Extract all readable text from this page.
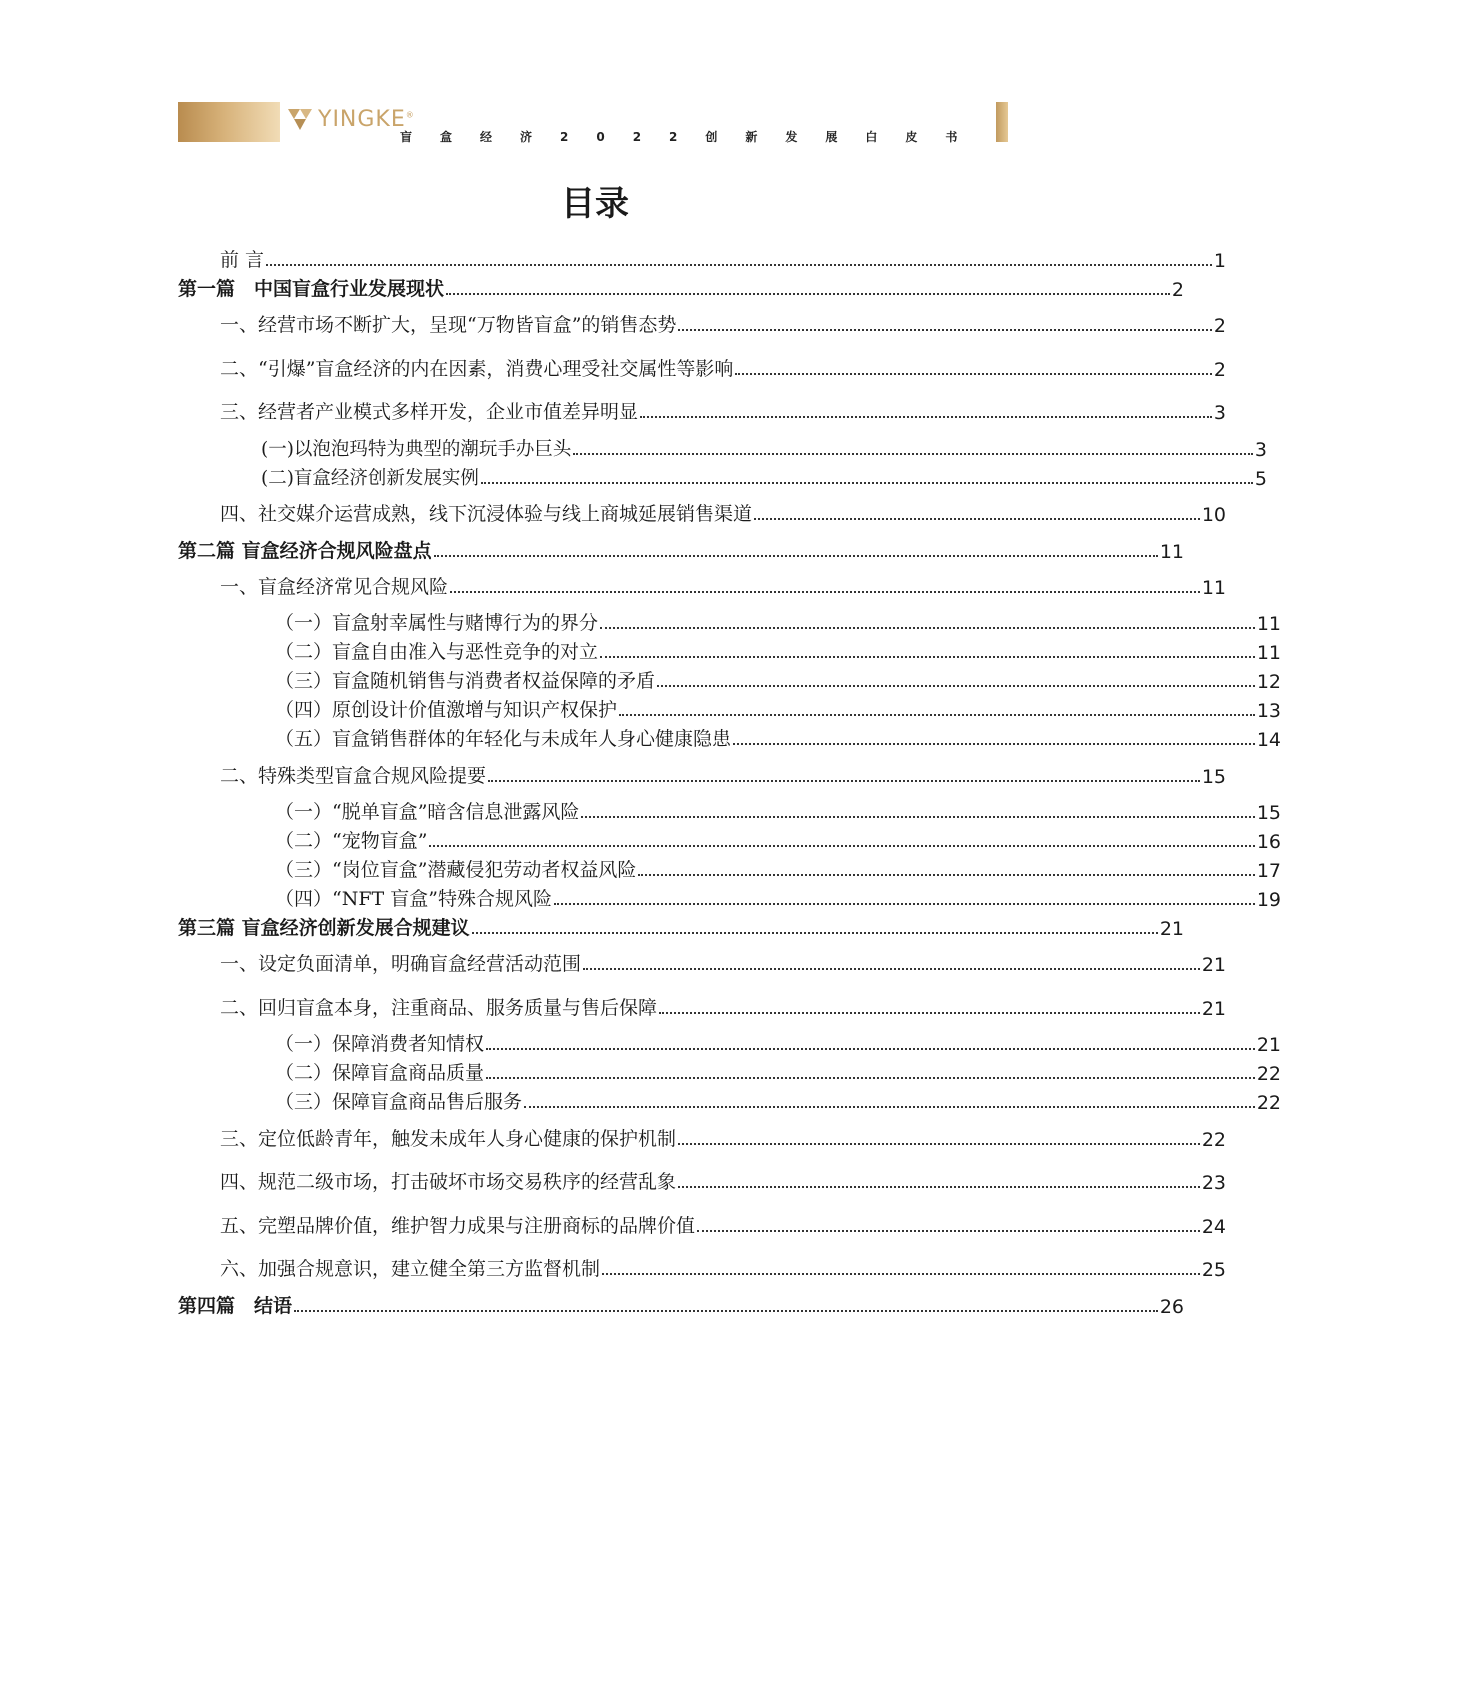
YINGKE®
盲盒经济2022创新发展白皮书
目录
前 言	1
第一篇　中国盲盒行业发展现状	2
一、经营市场不断扩大，呈现“万物皆盲盒”的销售态势	2
二、“引爆”盲盒经济的内在因素，消费心理受社交属性等影响	2
三、经营者产业模式多样开发，企业市值差异明显	3
(一)以泡泡玛特为典型的潮玩手办巨头	3
(二)盲盒经济创新发展实例	5
四、社交媒介运营成熟，线下沉浸体验与线上商城延展销售渠道	10
第二篇 盲盒经济合规风险盘点	11
一、盲盒经济常见合规风险	11
（一）盲盒射幸属性与赌博行为的界分	11
（二）盲盒自由准入与恶性竞争的对立	11
（三）盲盒随机销售与消费者权益保障的矛盾	12
（四）原创设计价值激增与知识产权保护	13
（五）盲盒销售群体的年轻化与未成年人身心健康隐患	14
二、特殊类型盲盒合规风险提要	15
（一）“脱单盲盒”暗含信息泄露风险	15
（二）“宠物盲盒”	16
（三）“岗位盲盒”潜藏侵犯劳动者权益风险	17
（四）“NFT 盲盒”特殊合规风险	19
第三篇 盲盒经济创新发展合规建议	21
一、设定负面清单，明确盲盒经营活动范围	21
二、回归盲盒本身，注重商品、服务质量与售后保障	21
（一）保障消费者知情权	21
（二）保障盲盒商品质量	22
（三）保障盲盒商品售后服务	22
三、定位低龄青年，触发未成年人身心健康的保护机制	22
四、规范二级市场，打击破坏市场交易秩序的经营乱象	23
五、完塑品牌价值，维护智力成果与注册商标的品牌价值	24
六、加强合规意识，建立健全第三方监督机制	25
第四篇　结语	26
